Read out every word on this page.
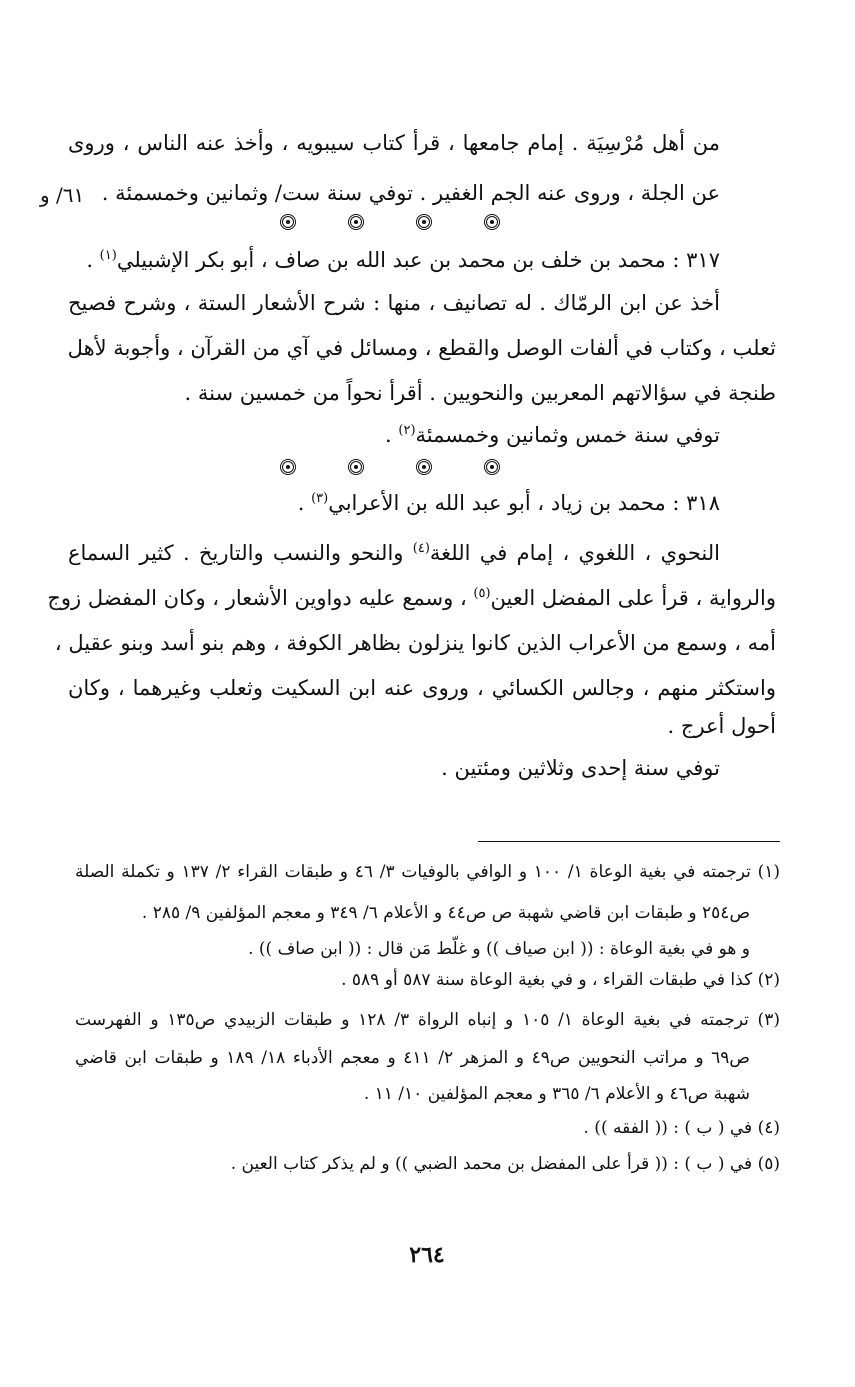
٦١/ و
من أهل مُرْسِيَة . إمام جامعها ، قرأ كتاب سيبويه ، وأخذ عنه الناس ، وروى
عن الجلة ، وروى عنه الجم الغفير . توفي سنة ست/ وثمانين وخمسمئة .
٣١٧ : محمد بن خلف بن محمد بن عبد الله بن صاف ، أبو بكر الإشبيلي$^{(١)}$ .
أخذ عن ابن الرمّاك . له تصانيف ، منها : شرح الأشعار الستة ، وشرح فصيح
ثعلب ، وكتاب في ألفات الوصل والقطع ، ومسائل في آي من القرآن ، وأجوبة لأهل
طنجة في سؤالاتهم المعربين والنحويين . أقرأ نحواً من خمسين سنة .
توفي سنة خمس وثمانين وخمسمئة$^{(٢)}$ .
٣١٨ : محمد بن زياد ، أبو عبد الله بن الأعرابي$^{(٣)}$ .
النحوي ، اللغوي ، إمام في اللغة$^{(٤)}$ والنحو والنسب والتاريخ . كثير السماع
والرواية ، قرأ على المفضل العين$^{(٥)}$ ، وسمع عليه دواوين الأشعار ، وكان المفضل زوج
أمه ، وسمع من الأعراب الذين كانوا ينزلون بظاهر الكوفة ، وهم بنو أسد وبنو عقيل ،
واستكثر منهم ، وجالس الكسائي ، وروى عنه ابن السكيت وثعلب وغيرهما ، وكان
أحول أعرج .
توفي سنة إحدى وثلاثين ومئتين .
(١) ترجمته في بغية الوعاة ١/ ١٠٠ و الوافي بالوفيات ٣/ ٤٦ و طبقات القراء ٢/ ١٣٧ و تكملة الصلة
ص٢٥٤ و طبقات ابن قاضي شهبة ص ص٤٤ و الأعلام ٦/ ٣٤٩ و معجم المؤلفين ٩/ ٢٨٥ .
و هو في بغية الوعاة : (( ابن صياف )) و غلّط مَن قال : (( ابن صاف )) .
(٢) كذا في طبقات القراء ، و في بغية الوعاة سنة ٥٨٧ أو ٥٨٩ .
(٣) ترجمته في بغية الوعاة ١/ ١٠٥ و إنباه الرواة ٣/ ١٢٨ و طبقات الزبيدي ص١٣٥ و الفهرست
ص٦٩ و مراتب النحويين ص٤٩ و المزهر ٢/ ٤١١ و معجم الأدباء ١٨/ ١٨٩ و طبقات ابن قاضي
شهبة ص٤٦ و الأعلام ٦/ ٣٦٥ و معجم المؤلفين ١٠/ ١١ .
(٤) في ( ب ) : (( الفقه )) .
(٥) في ( ب ) : (( قرأ على المفضل بن محمد الضبي )) و لم يذكر كتاب العين .
٢٦٤
